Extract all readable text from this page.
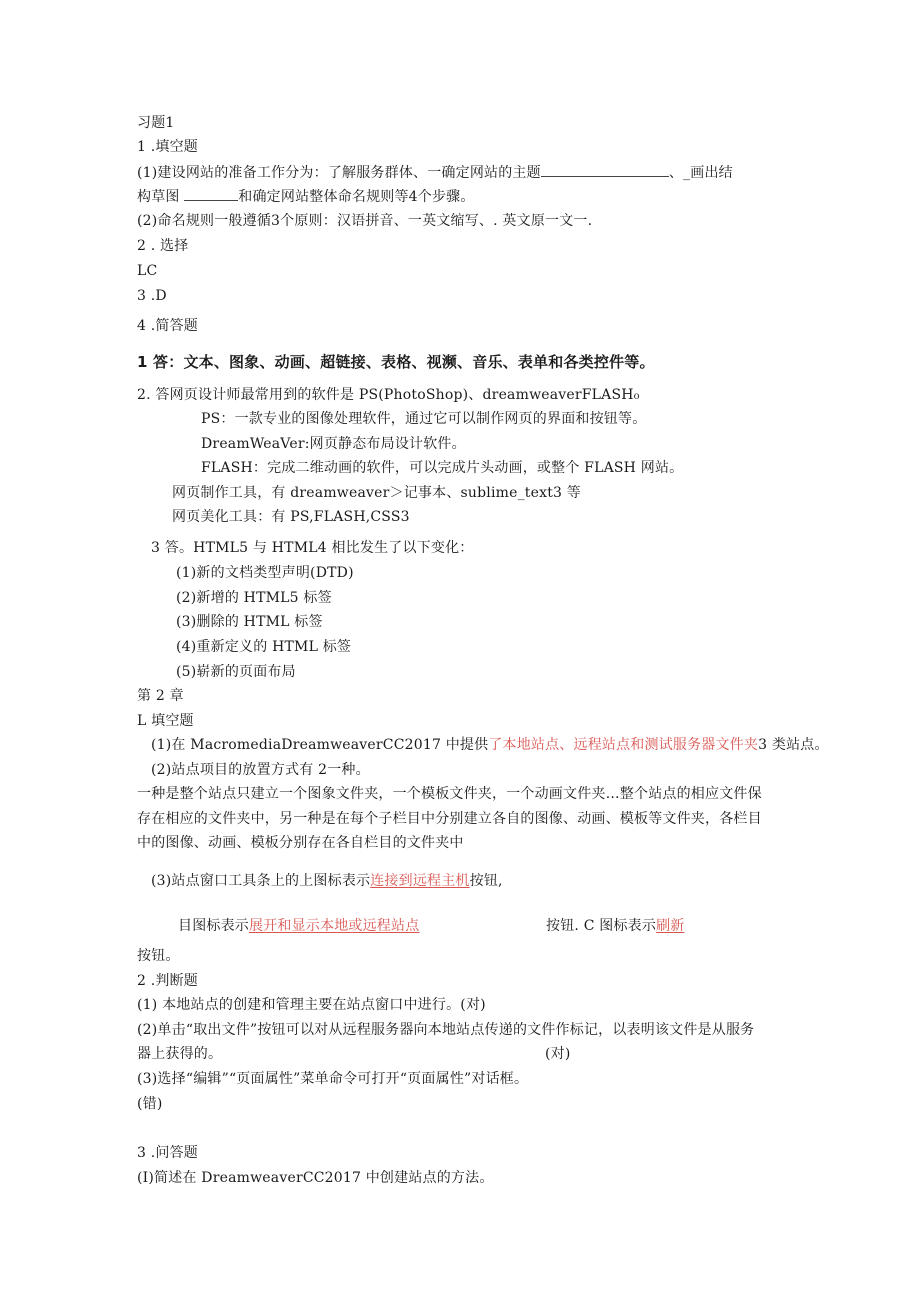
习题1
1 .填空题
(1)建设网站的准备工作分为：了解服务群体、一确定网站的主题	、_画出结
构草图	和确定网站整体命名规则等4个步骤。
(2)命名规则一般遵循3个原则：汉语拼音、一英文缩写、. 英文原一文一.
2 . 选择
LC
3 .D
4 .简答题
1 答：文本、图象、动画、超链接、表格、视濒、音乐、表单和各类控件等。
2. 答网页设计师最常用到的软件是 PS(PhotoShop)、dreamweaverFLASH₀
PS：一款专业的图像处理软件，通过它可以制作网页的界面和按钮等。
DreamWeaVer:网页静态布局设计软件。
FLASH：完成二维动画的软件，可以完成片头动画，或整个 FLASH 网站。
网页制作工具，有 dreamweaver＞记事本、sublime_text3 等
网页美化工具：有 PS,FLASH,CSS3
3 答。HTML5 与 HTML4 相比发生了以下变化：
(1)新的文档类型声明(DTD)
(2)新增的 HTML5 标签
(3)删除的 HTML 标签
(4)重新定义的 HTML 标签
(5)崭新的页面布局
第 2 章
L 填空题
(1)在 MacromediaDreamweaverCC2017 中提供了本地站点、远程站点和测试服务器文件夹3 类站点。
(2)站点项目的放置方式有 2一种。
一种是整个站点只建立一个图象文件夹，一个模板文件夹，一个动画文件夹…整个站点的相应文件保
存在相应的文件夹中，另一种是在每个子栏目中分别建立各自的图像、动画、模板等文件夹，各栏目
中的图像、动画、模板分别存在各自栏目的文件夹中
(3)站点窗口工具条上的上图标表示连接到远程主机按钮,
目图标表示展开和显示本地或远程站点	按钮. C 图标表示刷新
按钮。
2 .判断题
(1) 本地站点的创建和管理主要在站点窗口中进行。(对)
(2)单击“取出文件”按钮可以对从远程服务器向本地站点传递的文件作标记，以表明该文件是从服务
器上获得的。	(对)
(3)选择“编辑”“页面属性”菜单命令可打开“页面属性”对话框。
(错)
3 .问答题
(I)简述在 DreamweaverCC2017 中创建站点的方法。
